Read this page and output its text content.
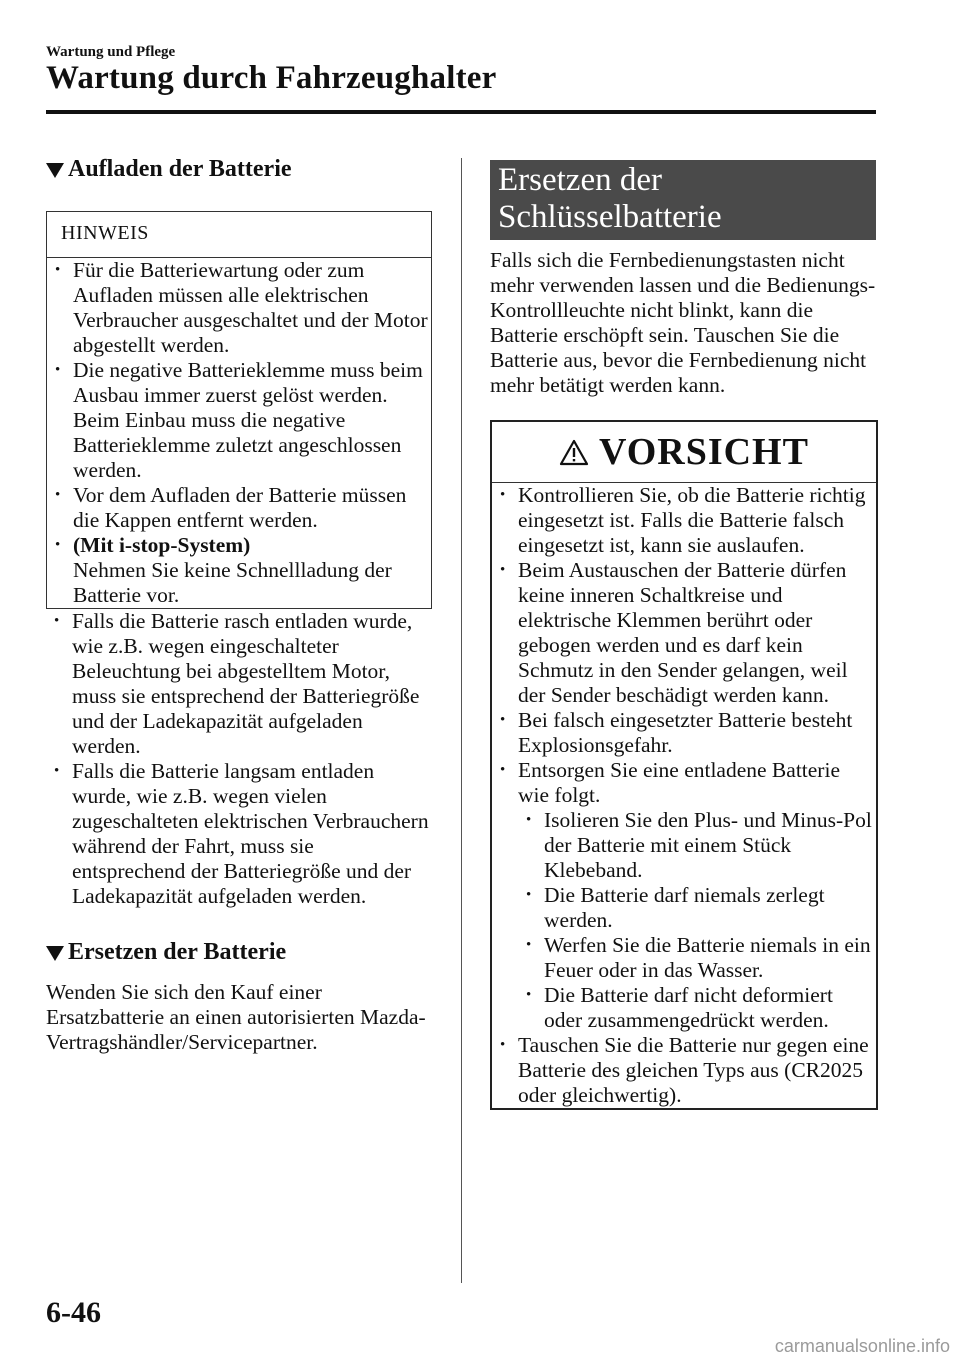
Wartung und Pflege
Wartung durch Fahrzeughalter
Aufladen der Batterie
HINWEIS
• Für die Batteriewartung oder zum Aufladen müssen alle elektrischen Verbraucher ausgeschaltet und der Motor abgestellt werden.
• Die negative Batterieklemme muss beim Ausbau immer zuerst gelöst werden. Beim Einbau muss die negative Batterieklemme zuletzt angeschlossen werden.
• Vor dem Aufladen der Batterie müssen die Kappen entfernt werden.
• (Mit i-stop-System)
Nehmen Sie keine Schnellladung der Batterie vor.
• Falls die Batterie rasch entladen wurde, wie z.B. wegen eingeschalteter Beleuchtung bei abgestelltem Motor, muss sie entsprechend der Batteriegröße und der Ladekapazität aufgeladen werden.
• Falls die Batterie langsam entladen wurde, wie z.B. wegen vielen zugeschalteten elektrischen Verbrauchern während der Fahrt, muss sie entsprechend der Batteriegröße und der Ladekapazität aufgeladen werden.
Ersetzen der Batterie

Wenden Sie sich den Kauf einer Ersatzbatterie an einen autorisierten Mazda-Vertragshändler/Servicepartner.

Ersetzen der
Schlüsselbatterie

Falls sich die Fernbedienungstasten nicht mehr verwenden lassen und die Bedienungs-Kontrollleuchte nicht blinkt, kann die Batterie erschöpft sein. Tauschen Sie die Batterie aus, bevor die Fernbedienung nicht mehr betätigt werden kann.

VORSICHT
• Kontrollieren Sie, ob die Batterie richtig eingesetzt ist. Falls die Batterie falsch eingesetzt ist, kann sie auslaufen.
• Beim Austauschen der Batterie dürfen keine inneren Schaltkreise und elektrische Klemmen berührt oder gebogen werden und es darf kein Schmutz in den Sender gelangen, weil der Sender beschädigt werden kann.
• Bei falsch eingesetzter Batterie besteht Explosionsgefahr.
• Entsorgen Sie eine entladene Batterie wie folgt.
• Isolieren Sie den Plus- und Minus-Pol der Batterie mit einem Stück Klebeband.
• Die Batterie darf niemals zerlegt werden.
• Werfen Sie die Batterie niemals in ein Feuer oder in das Wasser.
• Die Batterie darf nicht deformiert oder zusammengedrückt werden.
• Tauschen Sie die Batterie nur gegen eine Batterie des gleichen Typs aus (CR2025 oder gleichwertig).
6-46
carmanualsonline.info
